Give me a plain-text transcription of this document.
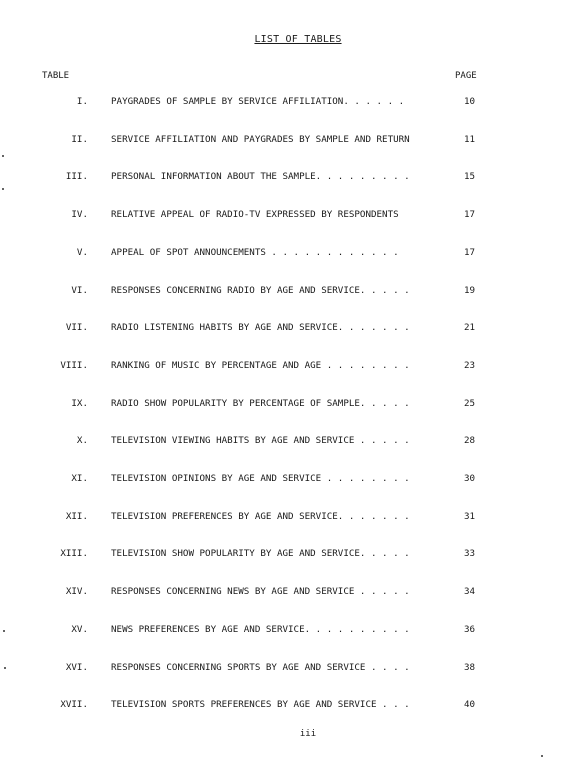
LIST OF TABLES
TABLE	PAGE
I.	PAYGRADES OF SAMPLE BY SERVICE AFFILIATION. . . . . .	10
II.	SERVICE AFFILIATION AND PAYGRADES BY SAMPLE AND RETURN	11
III.	PERSONAL INFORMATION ABOUT THE SAMPLE. . . . . . . . .	15
IV.	RELATIVE APPEAL OF RADIO-TV EXPRESSED BY RESPONDENTS	17
V.	APPEAL OF SPOT ANNOUNCEMENTS . . . . . . . . . . . .	17
VI.	RESPONSES CONCERNING RADIO BY AGE AND SERVICE. . . . .	19
VII.	RADIO LISTENING HABITS BY AGE AND SERVICE. . . . . . .	21
VIII.	RANKING OF MUSIC BY PERCENTAGE AND AGE . . . . . . . .	23
IX.	RADIO SHOW POPULARITY BY PERCENTAGE OF SAMPLE. . . . .	25
X.	TELEVISION VIEWING HABITS BY AGE AND SERVICE . . . . .	28
XI.	TELEVISION OPINIONS BY AGE AND SERVICE . . . . . . . .	30
XII.	TELEVISION PREFERENCES BY AGE AND SERVICE. . . . . . .	31
XIII.	TELEVISION SHOW POPULARITY BY AGE AND SERVICE. . . . .	33
XIV.	RESPONSES CONCERNING NEWS BY AGE AND SERVICE . . . . .	34
XV.	NEWS PREFERENCES BY AGE AND SERVICE. . . . . . . . . .	36
XVI.	RESPONSES CONCERNING SPORTS BY AGE AND SERVICE . . . .	38
XVII.	TELEVISION SPORTS PREFERENCES BY AGE AND SERVICE . . .	40
iii
